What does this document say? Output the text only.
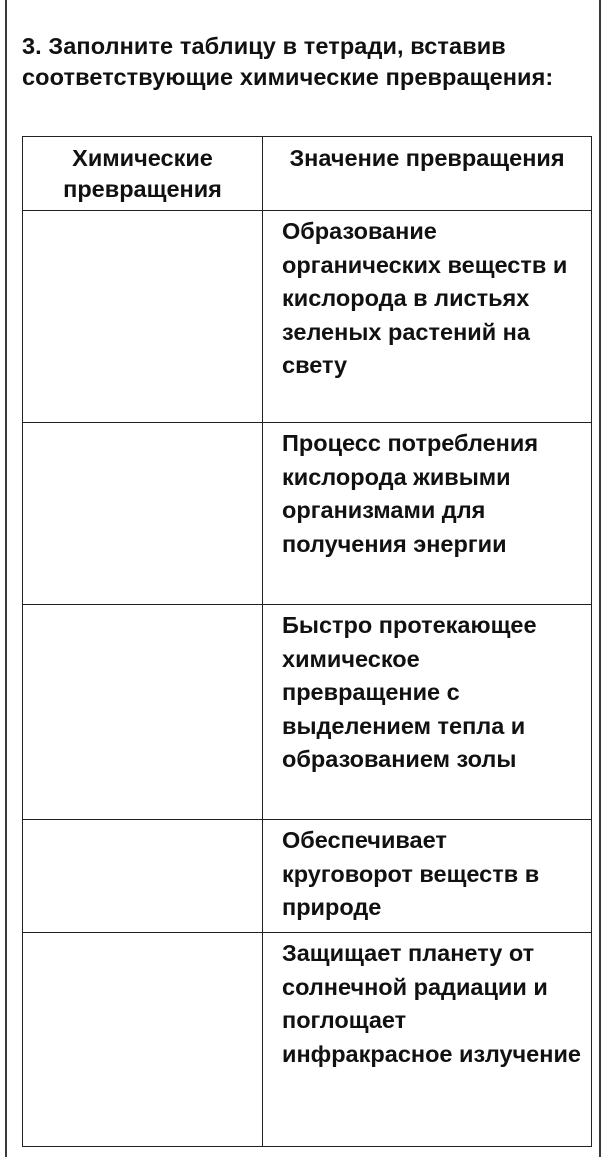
3. Заполните таблицу в тетради, вставив соответствующие химические превращения:
Химические превращения	Значение превращения
	Образование органических веществ и кислорода в листьях зеленых растений на свету
	Процесс потребления кислорода живыми организмами для получения энергии
	Быстро протекающее химическое превращение с выделением тепла и образованием золы
	Обеспечивает круговорот веществ в природе
	Защищает планету от солнечной радиации и поглощает инфракрасное излучение
